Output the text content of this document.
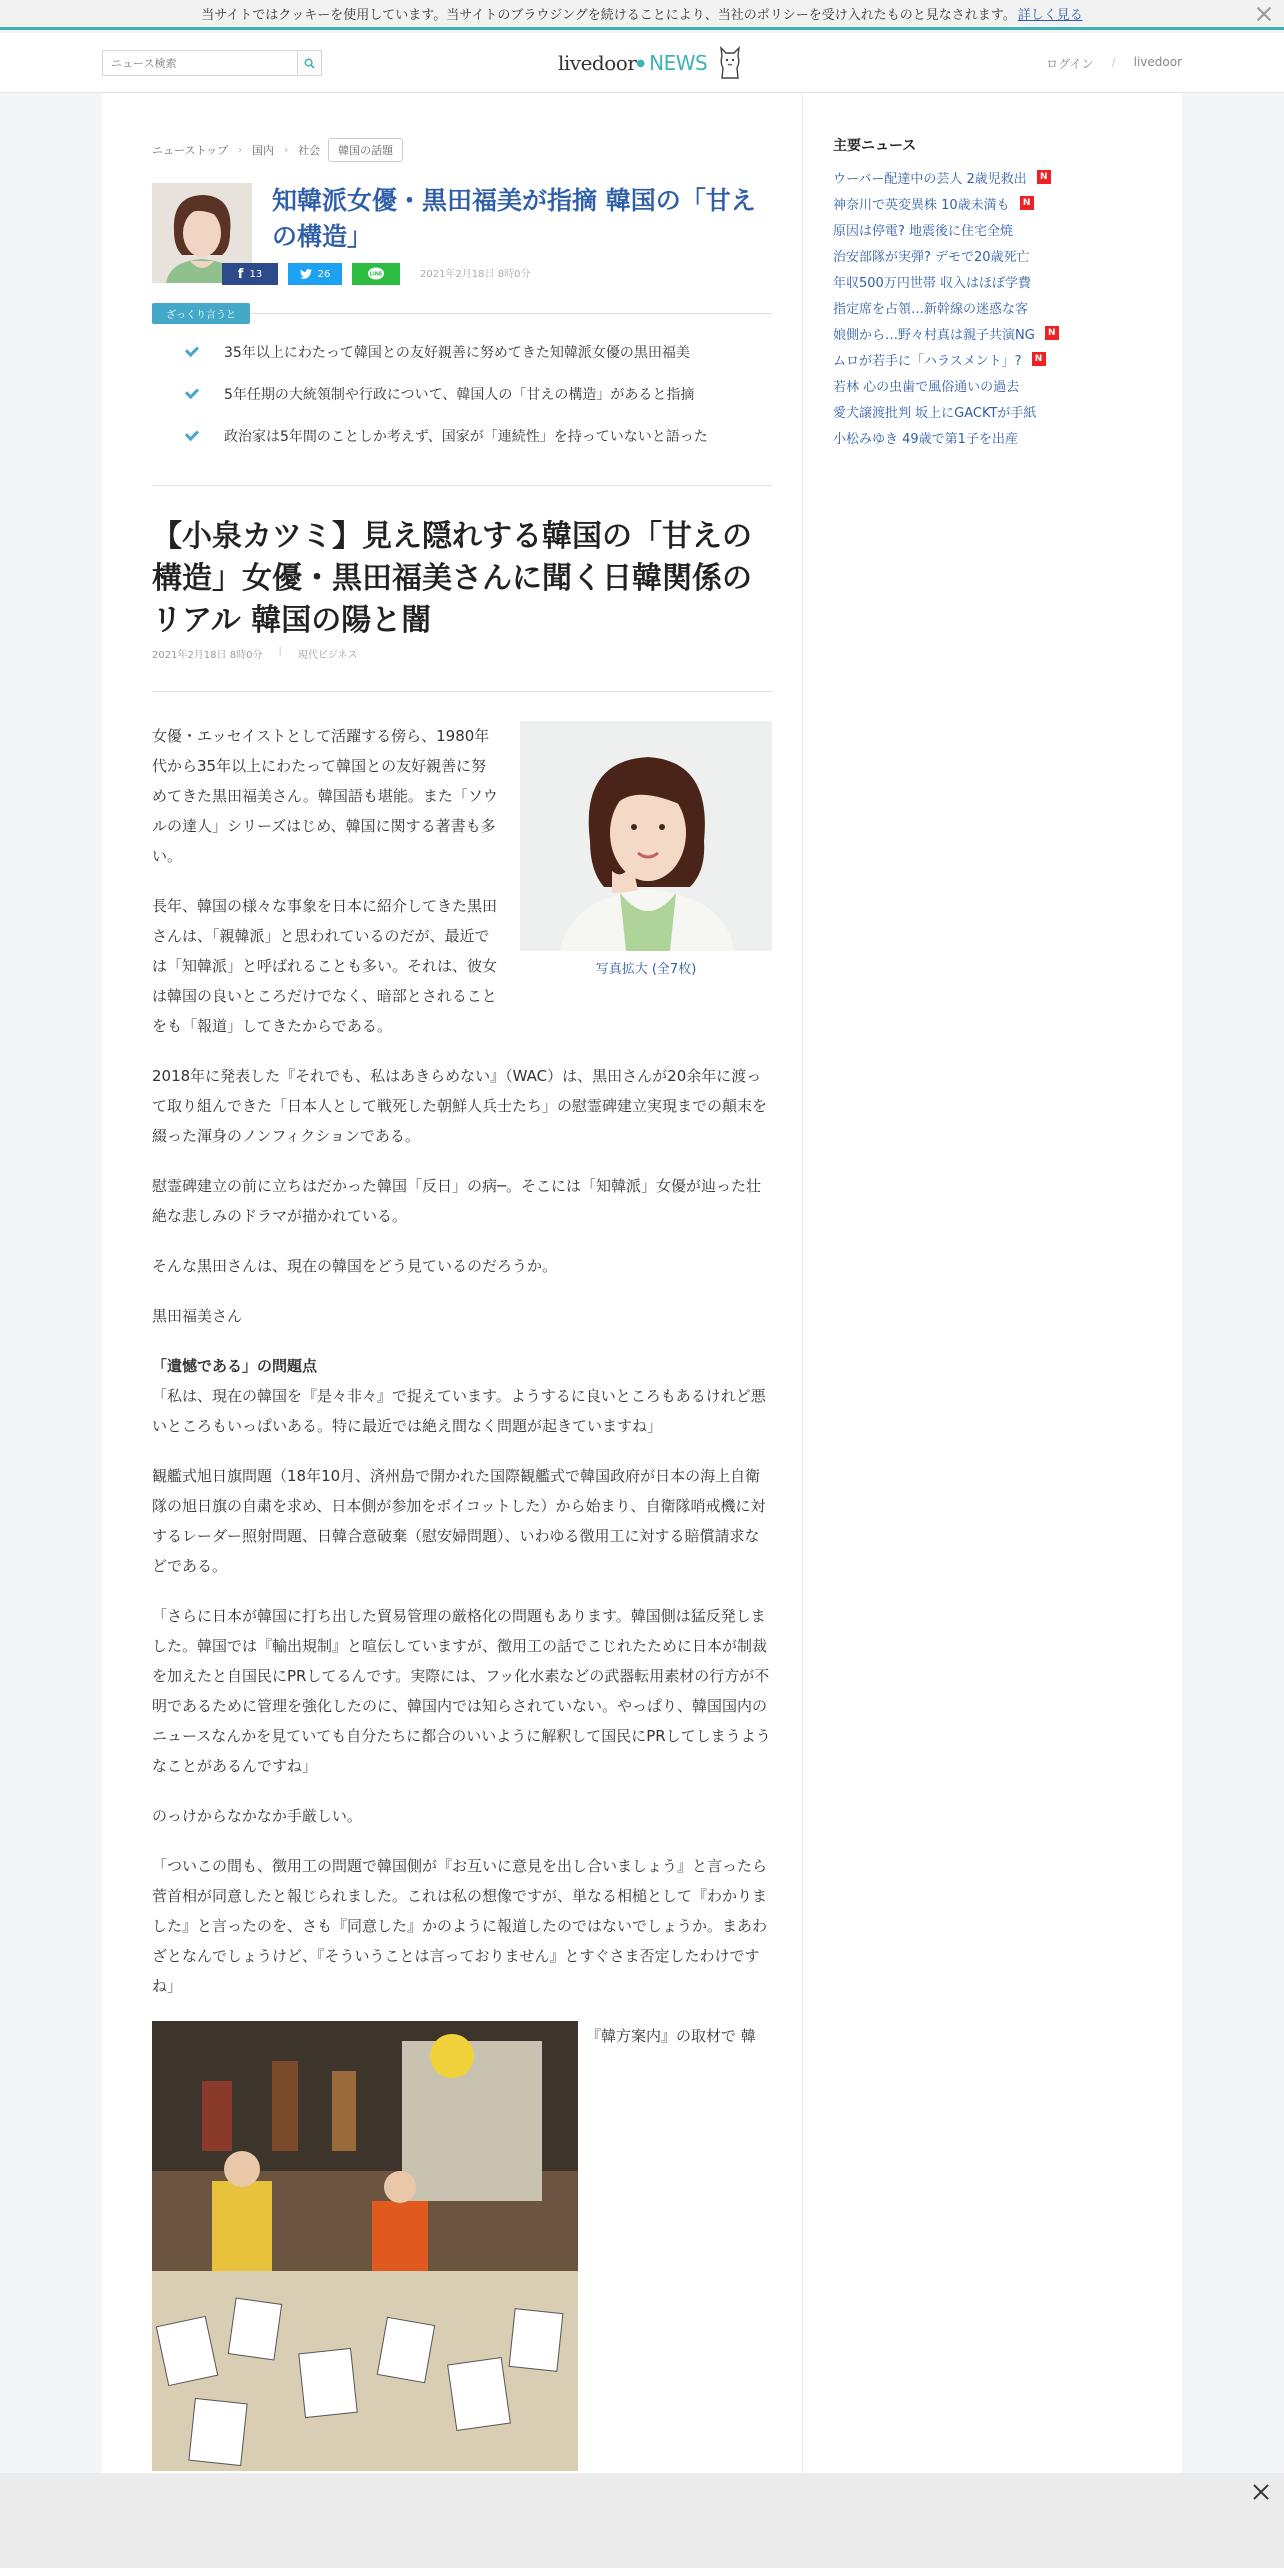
当サイトではクッキーを使用しています。当サイトのブラウジングを続けることにより、当社のポリシーを受け入れたものと見なされます。 詳しく見る
ニュース検索
livedoor ● NEWS	ログイン / livedoor
ニューストップ › 国内 › 社会	韓国の話題
知韓派女優・黒田福美が指摘 韓国の「甘えの構造」
f 13	26	LINE	2021年2月18日 8時0分
ざっくり言うと
35年以上にわたって韓国との友好親善に努めてきた知韓派女優の黒田福美
5年任期の大統領制や行政について、韓国人の「甘えの構造」があると指摘
政治家は5年間のことしか考えず、国家が「連続性」を持っていないと語った
【小泉カツミ】見え隠れする韓国の「甘えの構造」女優・黒田福美さんに聞く日韓関係のリアル 韓国の陽と闇
2021年2月18日 8時0分 | 現代ビジネス
写真拡大 (全7枚)

女優・エッセイストとして活躍する傍ら、1980年代から35年以上にわたって韓国との友好親善に努めてきた黒田福美さん。韓国語も堪能。また「ソウルの達人」シリーズはじめ、韓国に関する著書も多い。

長年、韓国の様々な事象を日本に紹介してきた黒田さんは、「親韓派」と思われているのだが、最近では「知韓派」と呼ばれることも多い。それは、彼女は韓国の良いところだけでなく、暗部とされることをも「報道」してきたからである。

2018年に発表した『それでも、私はあきらめない』（WAC）は、黒田さんが20余年に渡って取り組んできた「日本人として戦死した朝鮮人兵士たち」の慰霊碑建立実現までの顛末を綴った渾身のノンフィクションである。

慰霊碑建立の前に立ちはだかった韓国「反日」の病─。そこには「知韓派」女優が辿った壮絶な悲しみのドラマが描かれている。

そんな黒田さんは、現在の韓国をどう見ているのだろうか。

黒田福美さん

「遺憾である」の問題点

「私は、現在の韓国を『是々非々』で捉えています。ようするに良いところもあるけれど悪いところもいっぱいある。特に最近では絶え間なく問題が起きていますね」

観艦式旭日旗問題（18年10月、済州島で開かれた国際観艦式で韓国政府が日本の海上自衛隊の旭日旗の自粛を求め、日本側が参加をボイコットした）から始まり、自衛隊哨戒機に対するレーダー照射問題、日韓合意破棄（慰安婦問題）、いわゆる徴用工に対する賠償請求などである。

「さらに日本が韓国に打ち出した貿易管理の厳格化の問題もあります。韓国側は猛反発しました。韓国では『輸出規制』と喧伝していますが、徴用工の話でこじれたために日本が制裁を加えたと自国民にPRしてるんです。実際には、フッ化水素などの武器転用素材の行方が不明であるために管理を強化したのに、韓国内では知らされていない。やっぱり、韓国国内のニュースなんかを見ていても自分たちに都合のいいように解釈して国民にPRしてしまうようなことがあるんですね」

のっけからなかなか手厳しい。

「ついこの間も、徴用工の問題で韓国側が『お互いに意見を出し合いましょう』と言ったら菅首相が同意したと報じられました。これは私の想像ですが、単なる相槌として『わかりました』と言ったのを、さも『同意した』かのように報道したのではないでしょうか。まあわざとなんでしょうけど、『そういうことは言っておりません』とすぐさま否定したわけですね」

『韓方案内』の取材で 韓

主要ニュース
ウーバー配達中の芸人 2歳児救出	N
神奈川で英変異株 10歳未満も	N
原因は停電? 地震後に住宅全焼
治安部隊が実弾? デモで20歳死亡
年収500万円世帯 収入はほぼ学費
指定席を占領…新幹線の迷惑な客
娘側から…野々村真は親子共演NG	N
ムロが若手に「ハラスメント」?	N
若林 心の虫歯で風俗通いの過去
愛犬譲渡批判 坂上にGACKTが手紙
小松みゆき 49歳で第1子を出産
